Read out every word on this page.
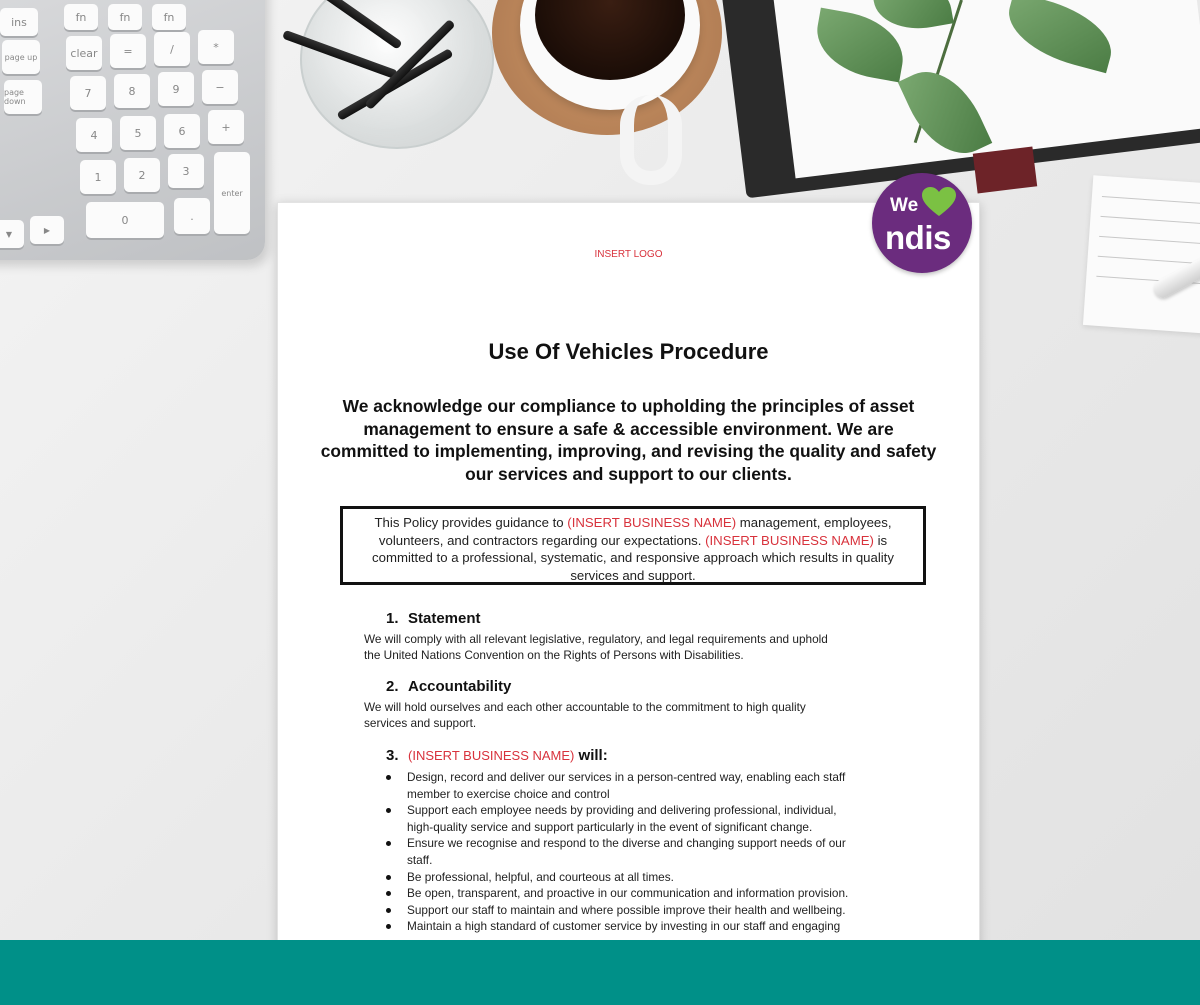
ins	fn	fn	fn
page up	clear	=	/	*
page down
7	8	9	−
4	5	6	+
1	2	3
0	.
enter
▼	▶
INSERT LOGO
Use Of Vehicles Procedure
We acknowledge our compliance to upholding the principles of asset
management to ensure a safe & accessible environment. We are
committed to implementing, improving, and revising the quality and safety
our services and support to our clients.
This Policy provides guidance to (INSERT BUSINESS NAME) management, employees, volunteers, and contractors regarding our expectations. (INSERT BUSINESS NAME) is committed to a professional, systematic, and responsive approach which results in quality services and support.
1. Statement
We will comply with all relevant legislative, regulatory, and legal requirements and uphold
the United Nations Convention on the Rights of Persons with Disabilities.
2. Accountability
We will hold ourselves and each other accountable to the commitment to high quality
services and support.
3. (INSERT BUSINESS NAME) will:
Design, record and deliver our services in a person-centred way, enabling each staff
member to exercise choice and control
Support each employee needs by providing and delivering professional, individual,
high-quality service and support particularly in the event of significant change.
Ensure we recognise and respond to the diverse and changing support needs of our
staff.
Be professional, helpful, and courteous at all times.
Be open, transparent, and proactive in our communication and information provision.
Support our staff to maintain and where possible improve their health and wellbeing.
Maintain a high standard of customer service by investing in our staff and engaging
We
ndis
